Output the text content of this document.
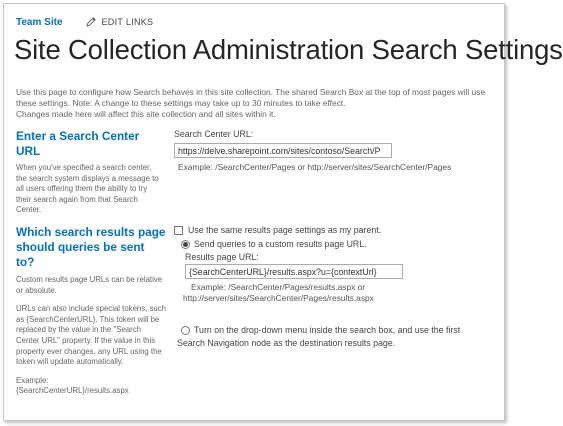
Team Site	EDIT LINKS
Site Collection Administration Search Settings
Use this page to configure how Search behaves in this site collection. The shared Search Box at the top of most pages will use these settings. Note: A change to these settings may take up to 30 minutes to take effect.
Changes made here will affect this site collection and all sites within it.
Enter a Search Center URL
When you've specified a search center, the search system displays a message to all users offering them the ability to try their search again from that Search Center.
Search Center URL:
https://delve.sharepoint.com/sites/contoso/Search/P
Example: /SearchCenter/Pages or http://server/sites/SearchCenter/Pages
Which search results page should queries be sent to?
Custom results page URLs can be relative or absolute.
URLs can also include special tokens, such as {SearchCenterURL}. This token will be replaced by the value in the "Search Center URL" property. If the value in this property ever changes, any URL using the token will update automatically.
Example:
{SearchCenterURL}/results.aspx
Use the same results page settings as my parent.
Send queries to a custom results page URL.
Results page URL:
{SearchCenterURL}/results.aspx?u={contextUrl}
Example: /SearchCenter/Pages/results.aspx or
http://server/sites/SearchCenter/Pages/results.aspx
Turn on the drop-down menu inside the search box, and use the first
Search Navigation node as the destination results page.
